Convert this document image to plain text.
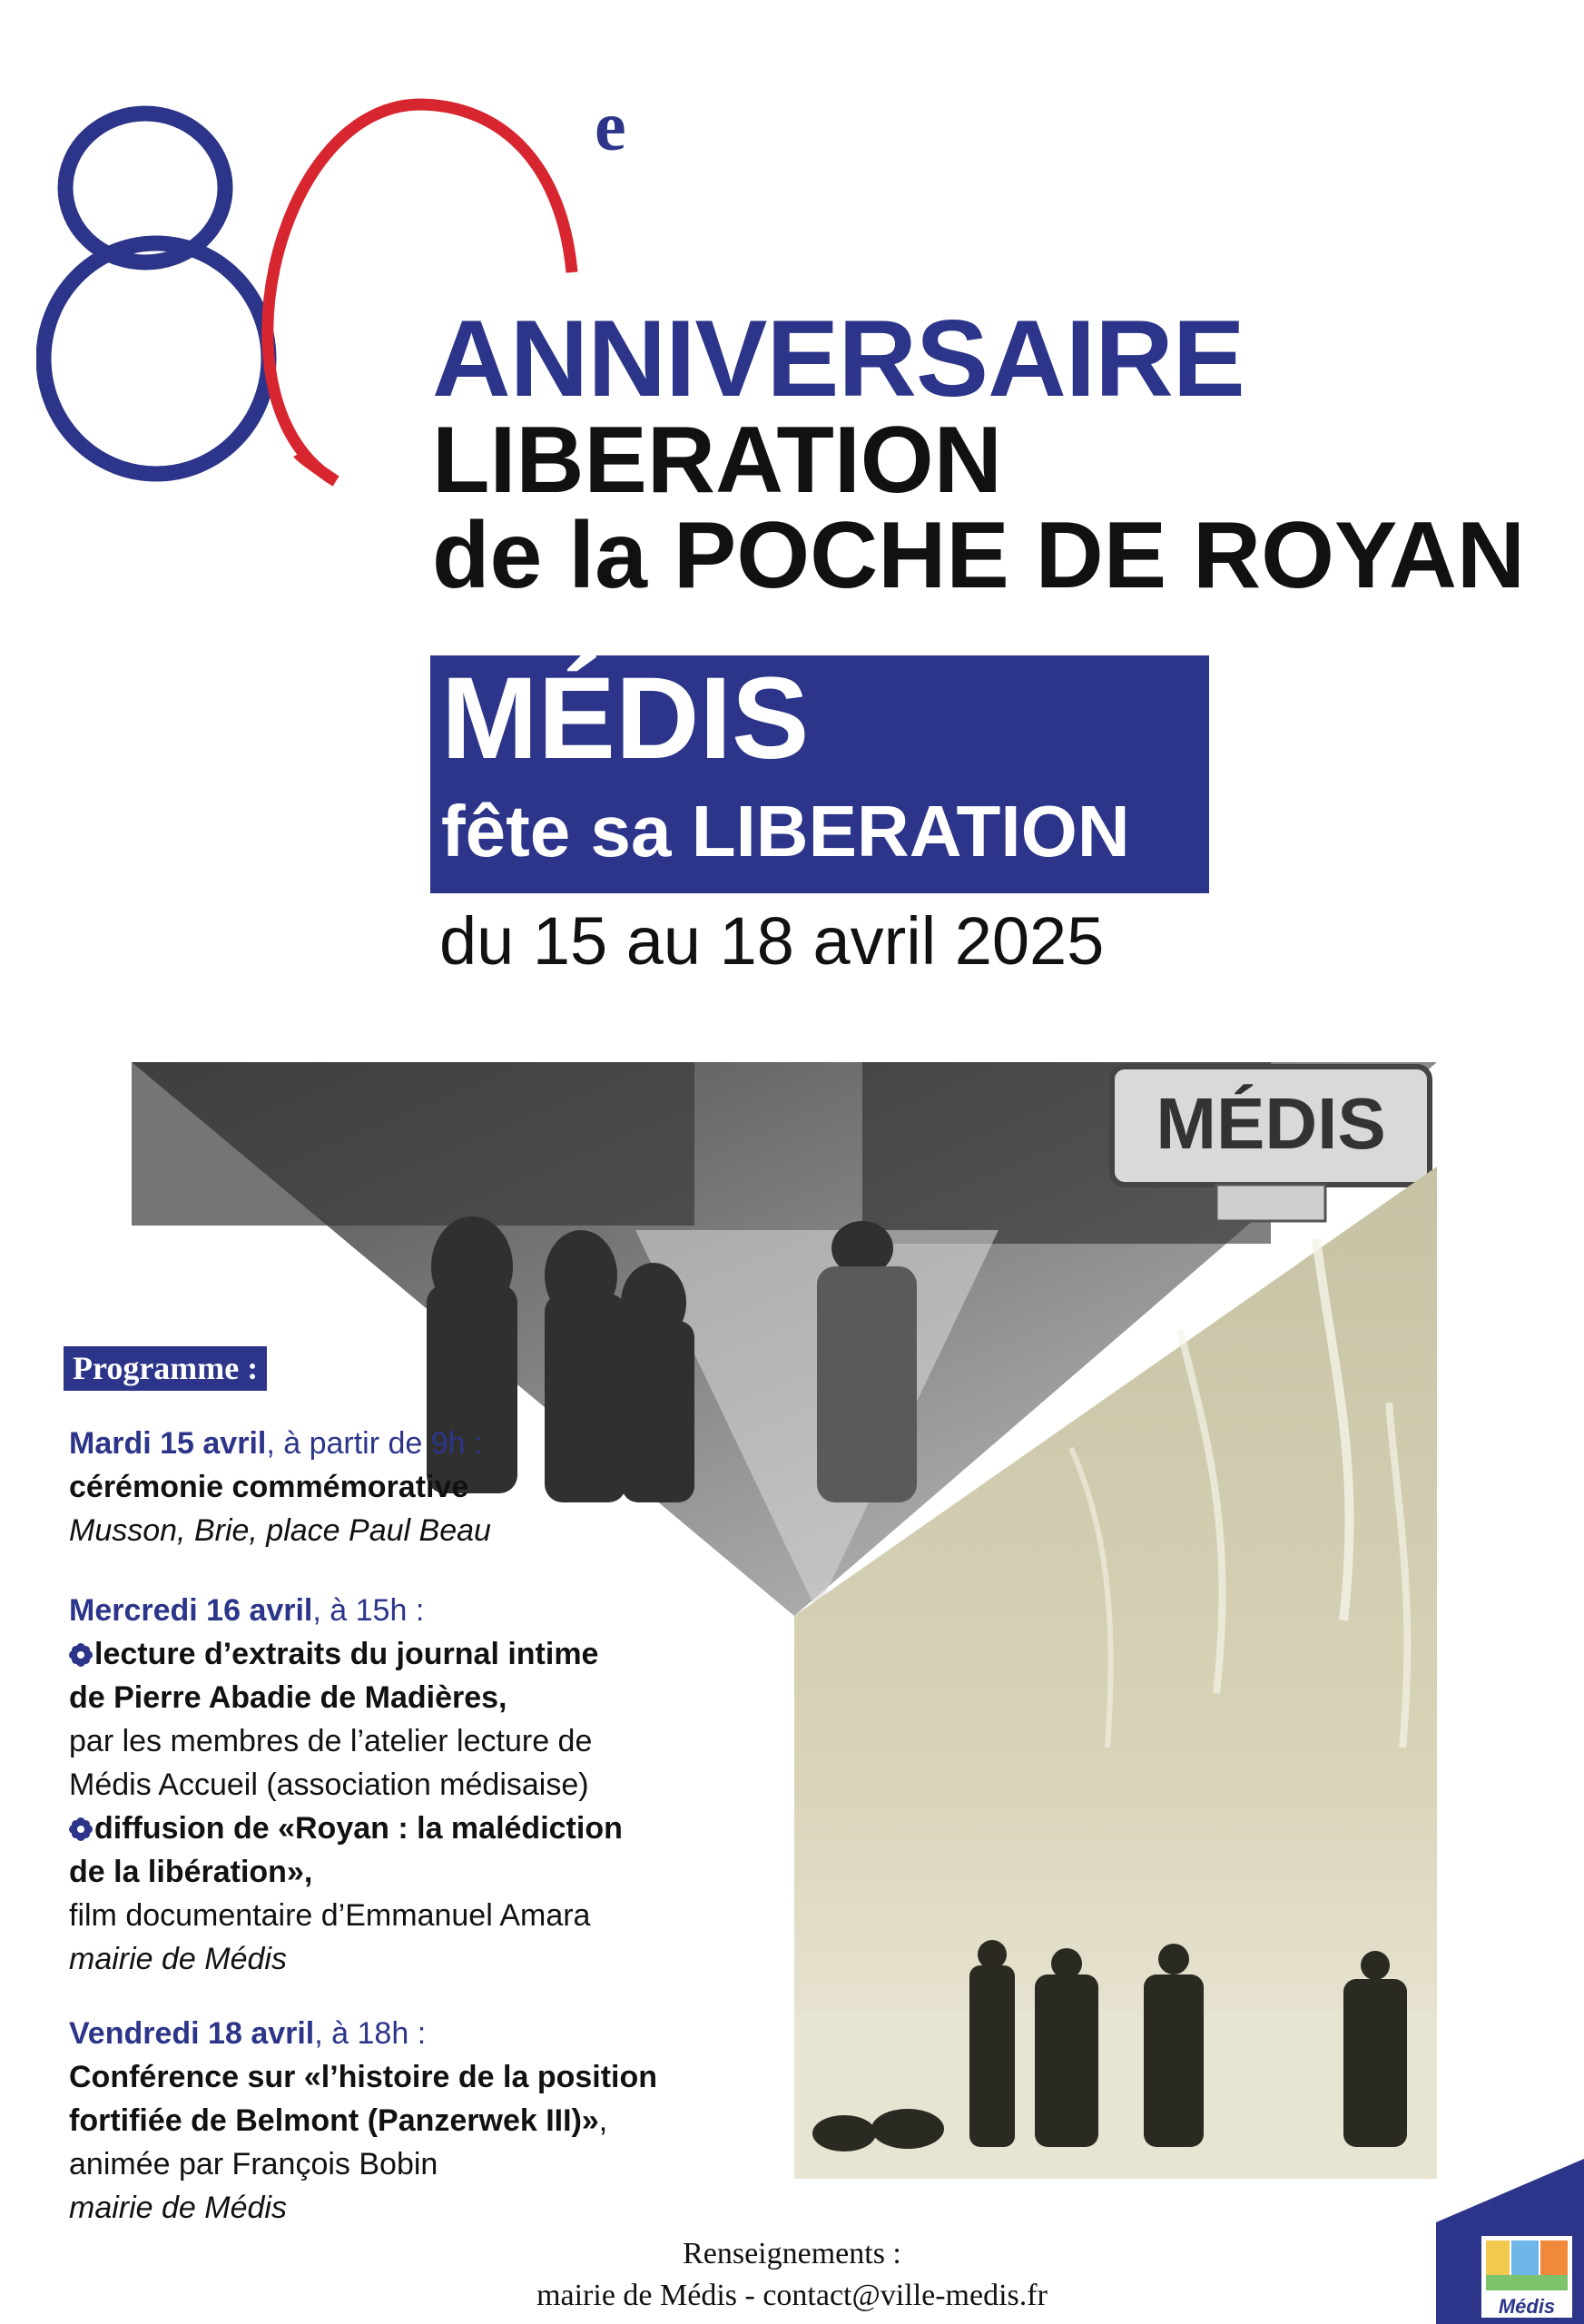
e
ANNIVERSAIRE
LIBERATION
de la POCHE DE ROYAN
MÉDIS
fête sa LIBERATION
du 15 au 18 avril 2025
MÉDIS
Programme :
Mardi 15 avril, à partir de 9h :
cérémonie commémorative
Musson, Brie, place Paul Beau
Mercredi 16 avril, à 15h :
lecture d’extraits du journal intime
de Pierre Abadie de Madières,
par les membres de l’atelier lecture de
Médis Accueil (association médisaise)
diffusion de «Royan : la malédiction
de la libération»,
film documentaire d’Emmanuel Amara
mairie de Médis
Vendredi 18 avril, à 18h :
Conférence sur «l’histoire de la position
fortifiée de Belmont (Panzerwek III)»,
animée par François Bobin
mairie de Médis
Renseignements :
mairie de Médis - contact@ville-medis.fr	Médis
